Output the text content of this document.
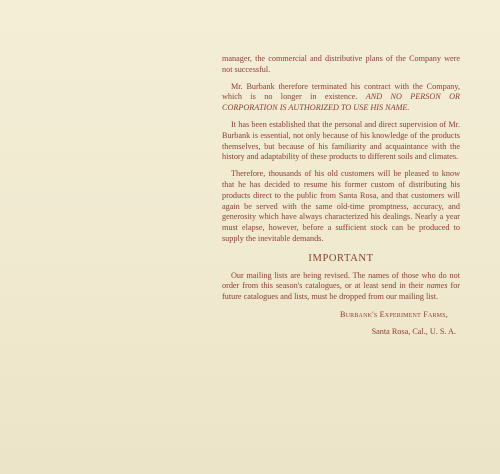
manager, the commercial and distributive plans of the Company were not successful.

Mr. Burbank therefore terminated his contract with the Company, which is no longer in existence. AND NO PERSON OR CORPORATION IS AUTHORIZED TO USE HIS NAME.

It has been established that the personal and direct supervision of Mr. Burbank is essential, not only because of his knowledge of the products themselves, but because of his familiarity and acquaintance with the history and adaptability of these products to different soils and climates.

Therefore, thousands of his old customers will be pleased to know that he has decided to resume his former custom of distributing his products direct to the public from Santa Rosa, and that customers will again be served with the same old-time promptness, accuracy, and generosity which have always characterized his dealings. Nearly a year must elapse, however, before a sufficient stock can be produced to supply the inevitable demands.

IMPORTANT

Our mailing lists are being revised. The names of those who do not order from this season's catalogues, or at least send in their names for future catalogues and lists, must be dropped from our mailing list.

Burbank's Experiment Farms,
Santa Rosa, Cal., U. S. A.
